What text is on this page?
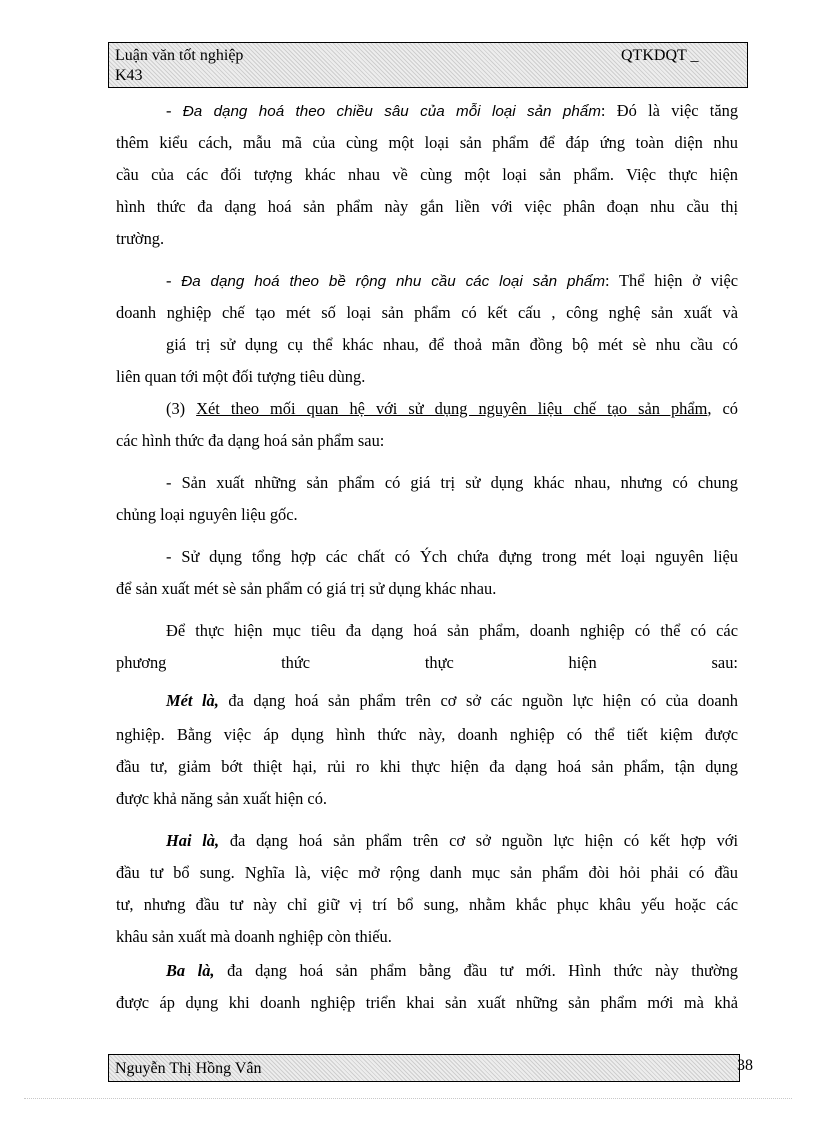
Luận văn tốt nghiệp	QTKDQT _
K43
- Đa dạng hoá theo chiều sâu của mỗi loại sản phẩm: Đó là việc tăng
thêm kiểu cách, mẫu mã của cùng một loại sản phẩm để đáp ứng toàn diện nhu
cầu của các đối tượng khác nhau về cùng một loại sản phẩm. Việc thực hiện
hình thức đa dạng hoá sản phẩm này gắn liền với việc phân đoạn nhu cầu thị
trường.
- Đa dạng hoá theo bề rộng nhu cầu các loại sản phẩm: Thể hiện ở việc
doanh nghiệp chế tạo mét số loại sản phẩm có kết cấu , công nghệ sản xuất và
giá trị sử dụng cụ thể khác nhau, để thoả mãn đồng bộ mét sè nhu cầu có
liên quan tới một đối tượng tiêu dùng.
(3) Xét theo mối quan hệ với sử dụng nguyên liệu chế tạo sản phẩm, có
các hình thức đa dạng hoá sản phẩm sau:
- Sản xuất những sản phẩm có giá trị sử dụng khác nhau, nhưng có chung
chủng loại nguyên liệu gốc.
- Sử dụng tổng hợp các chất có Ých chứa đựng trong mét loại nguyên liệu
để sản xuất mét sè sản phẩm có giá trị sử dụng khác nhau.
Để thực hiện mục tiêu đa dạng hoá sản phẩm, doanh nghiệp có thể có các
phương	thức	thực	hiện	sau:
Mét là, đa dạng hoá sản phẩm trên cơ sở các nguồn lực hiện có của doanh
nghiệp. Bằng việc áp dụng hình thức này, doanh nghiệp có thể tiết kiệm được
đầu tư, giảm bớt thiệt hại, rủi ro khi thực hiện đa dạng hoá sản phẩm, tận dụng
được khả năng sản xuất hiện có.
Hai là, đa dạng hoá sản phẩm trên cơ sở nguồn lực hiện có kết hợp với
đầu tư bổ sung. Nghĩa là, việc mở rộng danh mục sản phẩm đòi hỏi phải có đầu
tư, nhưng đầu tư này chỉ giữ vị trí bổ sung, nhằm khắc phục khâu yếu hoặc các
khâu sản xuất mà doanh nghiệp còn thiếu.
Ba là, đa dạng hoá sản phẩm bằng đầu tư mới. Hình thức này thường
được áp dụng khi doanh nghiệp triển khai sản xuất những sản phẩm mới mà khả
Nguyễn Thị Hồng Vân	38
